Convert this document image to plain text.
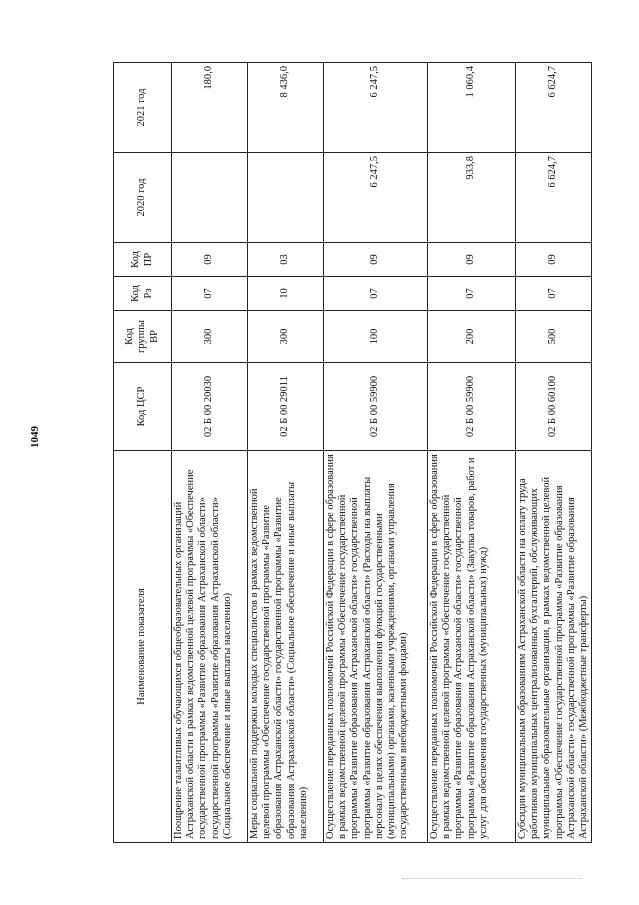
1049
Наименование показателя	Код ЦСР	Код группы ВР	Код Рз	Код ПР	2020 год	2021 год
Поощрение талантливых обучающихся общеобразовательных организаций Астраханской области в рамках ведомственной целевой программы «Обеспечение государственной программы «Развитие образования Астраханской области» государственной программы «Развитие образования Астраханской области» (Социальное обеспечение и иные выплаты населению)	02 Б 00 20030	300	07	09		180,0
Меры социальной поддержки молодых специалистов в рамках ведомственной целевой программы «Обеспечение государственной программы «Развитие образования Астраханской области» государственной программы «Развитие образования Астраханской области» (Социальное обеспечение и иные выплаты населению)	02 Б 00 29011	300	10	03		8 436,0
Осуществление переданных полномочий Российской Федерации в сфере образования в рамках ведомственной целевой программы «Обеспечение государственной программы «Развитие образования Астраханской области» государственной программы «Развитие образования Астраханской области» (Расходы на выплаты персоналу в целях обеспечения выполнения функций государственными (муниципальными) органами, казенными учреждениями, органами управления государственными внебюджетными фондами)	02 Б 00 59900	100	07	09	6 247,5	6 247,5
Осуществление переданных полномочий Российской Федерации в сфере образования в рамках ведомственной целевой программы «Обеспечение государственной программы «Развитие образования Астраханской области» государственной программы «Развитие образования Астраханской области» (Закупка товаров, работ и услуг для обеспечения государственных (муниципальных) нужд)	02 Б 00 59900	200	07	09	933,8	1 060,4
Субсидии муниципальным образованиям Астраханской области на оплату труда работников муниципальных централизованных бухгалтерий, обслуживающих муниципальные образовательные организации, в рамках ведомственной целевой программы «Обеспечение государственной программы «Развитие образования Астраханской области» государственной программы «Развитие образования Астраханской области» (Межбюджетные трансферты)	02 Б 00 60100	500	07	09	6 624,7	6 624,7
